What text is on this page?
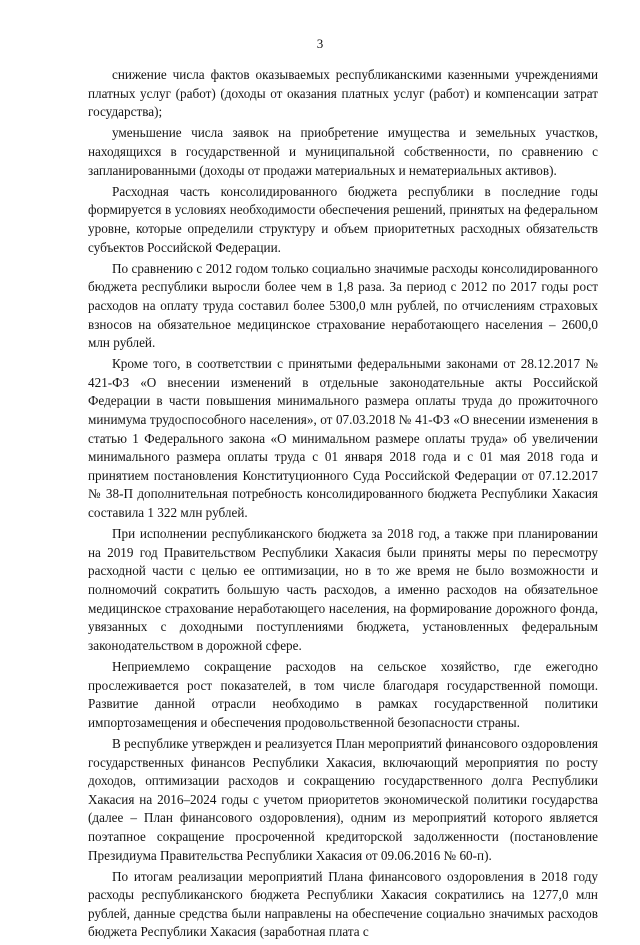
3

снижение числа фактов оказываемых республиканскими казенными учреждениями платных услуг (работ) (доходы от оказания платных услуг (работ) и компенсации затрат государства);

уменьшение числа заявок на приобретение имущества и земельных участков, находящихся в государственной и муниципальной собственности, по сравнению с запланированными (доходы от продажи материальных и нематериальных активов).

Расходная часть консолидированного бюджета республики в последние годы формируется в условиях необходимости обеспечения решений, принятых на федеральном уровне, которые определили структуру и объем приоритетных расходных обязательств субъектов Российской Федерации.

По сравнению с 2012 годом только социально значимые расходы консолидированного бюджета республики выросли более чем в 1,8 раза. За период с 2012 по 2017 годы рост расходов на оплату труда составил более 5300,0 млн рублей, по отчислениям страховых взносов на обязательное медицинское страхование неработающего населения – 2600,0 млн рублей.

Кроме того, в соответствии с принятыми федеральными законами от 28.12.2017 № 421-ФЗ «О внесении изменений в отдельные законодательные акты Российской Федерации в части повышения минимального размера оплаты труда до прожиточного минимума трудоспособного населения», от 07.03.2018 № 41-ФЗ «О внесении изменения в статью 1 Федерального закона «О минимальном размере оплаты труда» об увеличении минимального размера оплаты труда с 01 января 2018 года и с 01 мая 2018 года и принятием постановления Конституционного Суда Российской Федерации от 07.12.2017 № 38-П дополнительная потребность консолидированного бюджета Республики Хакасия составила 1 322 млн рублей.

При исполнении республиканского бюджета за 2018 год, а также при планировании на 2019 год Правительством Республики Хакасия были приняты меры по пересмотру расходной части с целью ее оптимизации, но в то же время не было возможности и полномочий сократить большую часть расходов, а именно расходов на обязательное медицинское страхование неработающего населения, на формирование дорожного фонда, увязанных с доходными поступлениями бюджета, установленных федеральным законодательством в дорожной сфере.

Неприемлемо сокращение расходов на сельское хозяйство, где ежегодно прослеживается рост показателей, в том числе благодаря государственной помощи. Развитие данной отрасли необходимо в рамках государственной политики импортозамещения и обеспечения продовольственной безопасности страны.

В республике утвержден и реализуется План мероприятий финансового оздоровления государственных финансов Республики Хакасия, включающий мероприятия по росту доходов, оптимизации расходов и сокращению государственного долга Республики Хакасия на 2016–2024 годы с учетом приоритетов экономической политики государства (далее – План финансового оздоровления), одним из мероприятий которого является поэтапное сокращение просроченной кредиторской задолженности (постановление Президиума Правительства Республики Хакасия от 09.06.2016 № 60-п).

По итогам реализации мероприятий Плана финансового оздоровления в 2018 году расходы республиканского бюджета Республики Хакасия сократились на 1277,0 млн рублей, данные средства были направлены на обеспечение социально значимых расходов бюджета Республики Хакасия (заработная плата с
